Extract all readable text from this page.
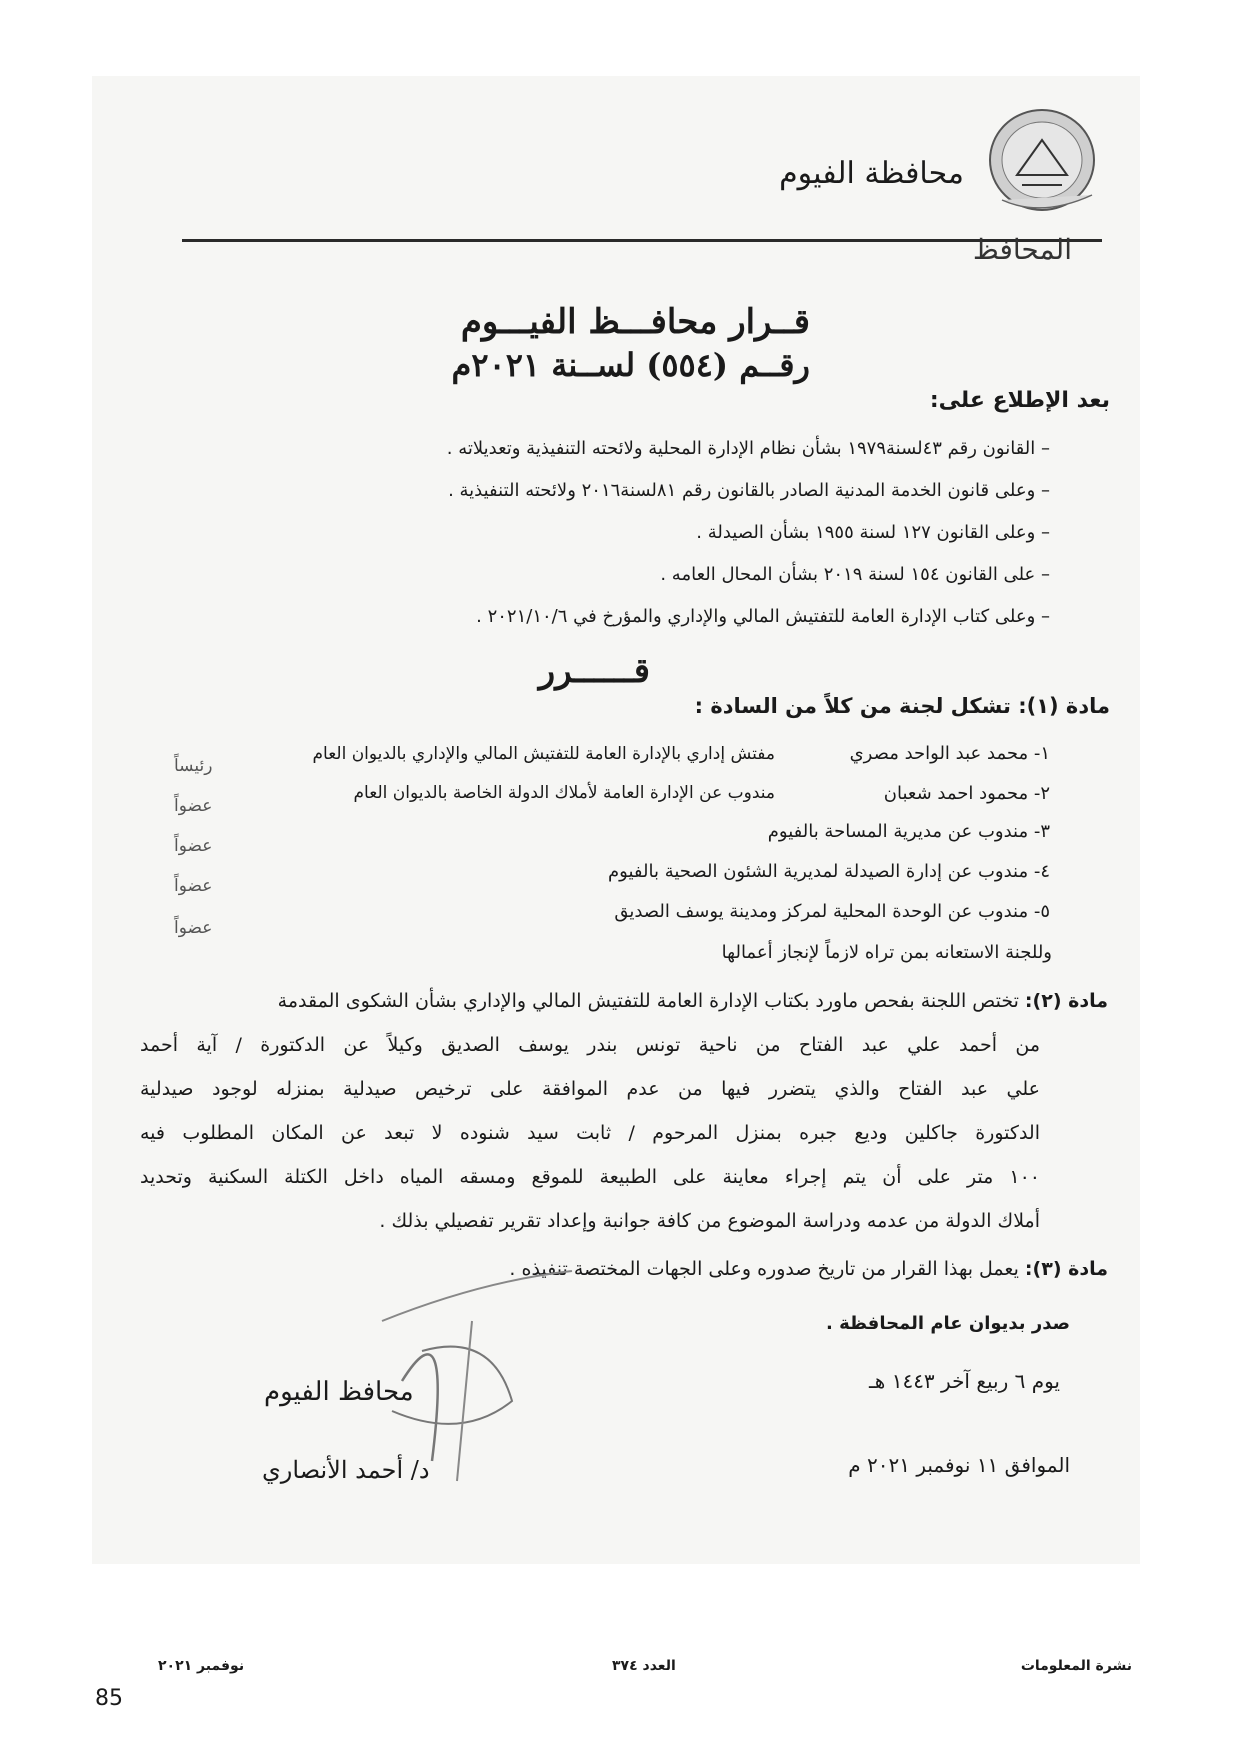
محافظة الفيوم
المحافظ
قــرار محافـــظ الفيـــوم
رقــم (٥٥٤) لســنة ٢٠٢١م
بعد الإطلاع على:
– القانون رقم ٤٣لسنة١٩٧٩ بشأن نظام الإدارة المحلية ولائحته التنفيذية وتعديلاته .
– وعلى قانون الخدمة المدنية الصادر بالقانون رقم ٨١لسنة٢٠١٦ ولائحته التنفيذية .
– وعلى القانون ١٢٧ لسنة ١٩٥٥ بشأن الصيدلة .
– على القانون ١٥٤ لسنة ٢٠١٩ بشأن المحال العامه .
– وعلى كتاب الإدارة العامة للتفتيش المالي والإداري والمؤرخ في ٢٠٢١/١٠/٦ .
قــــــرر
مادة (١): تشكل لجنة من كلاً من السادة :
١- محمد عبد الواحد مصري
مفتش إداري بالإدارة العامة للتفتيش المالي والإداري بالديوان العام
رئيساً
٢- محمود احمد شعبان
مندوب عن الإدارة العامة لأملاك الدولة الخاصة بالديوان العام
عضواً
٣- مندوب عن مديرية المساحة بالفيوم
عضواً
٤- مندوب عن إدارة الصيدلة لمديرية الشئون الصحية بالفيوم
عضواً
٥- مندوب عن الوحدة المحلية لمركز ومدينة يوسف الصديق
عضواً
وللجنة الاستعانه بمن تراه لازماً لإنجاز أعمالها
مادة (٢): تختص اللجنة بفحص ماورد بكتاب الإدارة العامة للتفتيش المالي والإداري بشأن الشكوى المقدمة
من أحمد علي عبد الفتاح من ناحية تونس بندر يوسف الصديق وكيلاً عن الدكتورة / آية أحمد
علي عبد الفتاح والذي يتضرر فيها من عدم الموافقة على ترخيص صيدلية بمنزله لوجود صيدلية
الدكتورة جاكلين وديع جبره بمنزل المرحوم / ثابت سيد شنوده لا تبعد عن المكان المطلوب فيه
١٠٠ متر على أن يتم إجراء معاينة على الطبيعة للموقع ومسقه المياه داخل الكتلة السكنية وتحديد
أملاك الدولة من عدمه ودراسة الموضوع من كافة جوانبة وإعداد تقرير تفصيلي بذلك .
مادة (٣): يعمل بهذا القرار من تاريخ صدوره وعلى الجهات المختصة تنفيذه .
صدر بديوان عام المحافظة .
يوم ٦ ربيع آخر ١٤٤٣ هـ
الموافق ١١ نوفمبر ٢٠٢١ م
محافظ الفيوم
د/ أحمد الأنصاري
نشرة المعلومات
العدد ٣٧٤
نوفمبر ٢٠٢١
85
